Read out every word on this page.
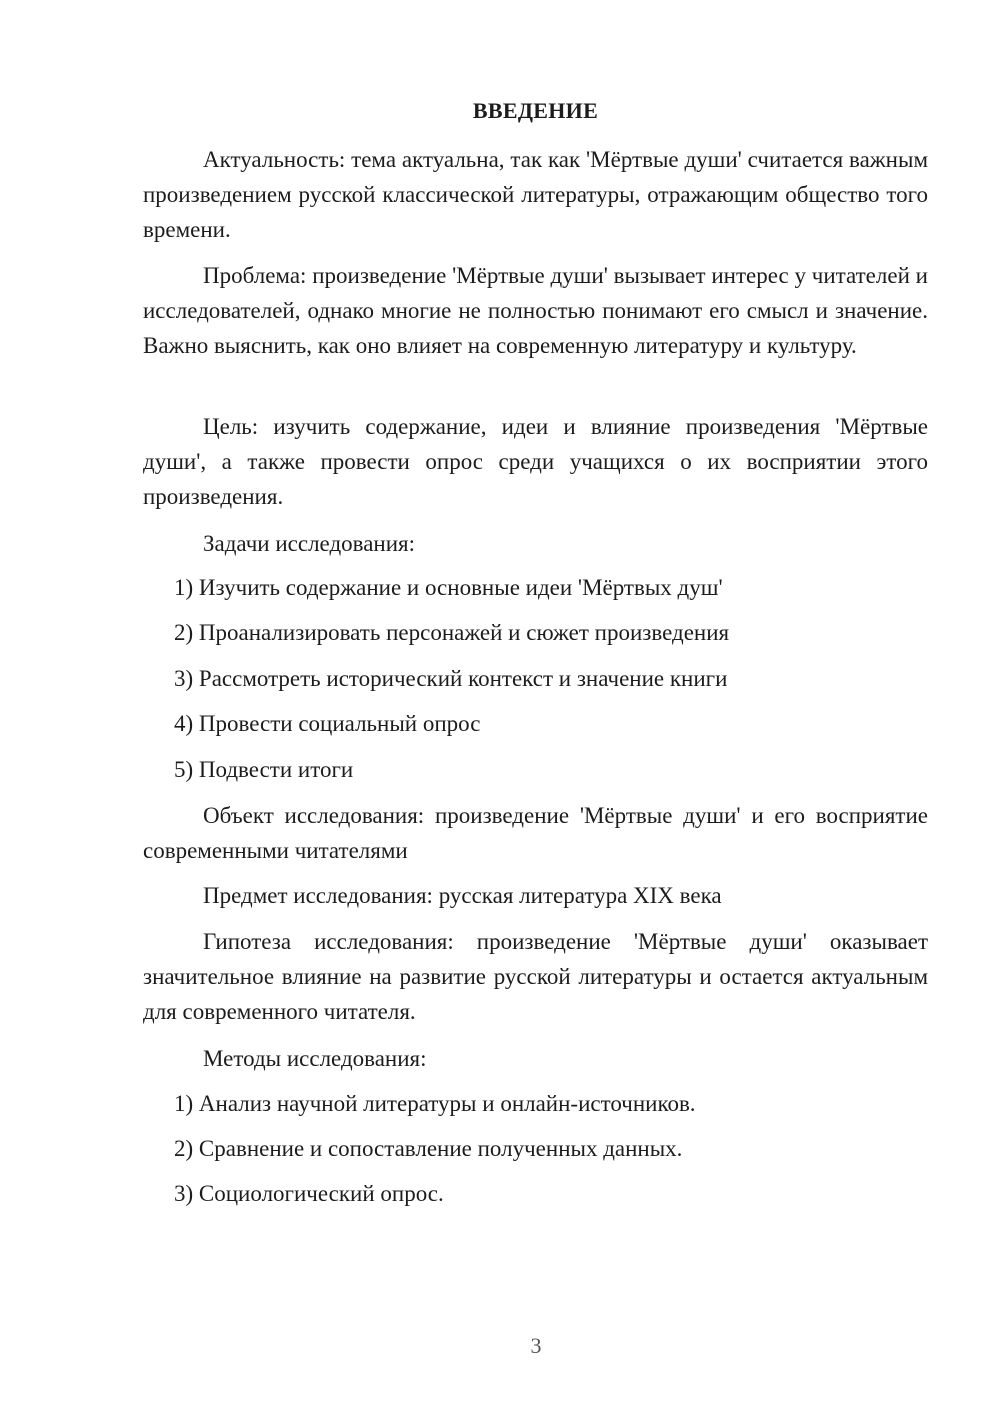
ВВЕДЕНИЕ

Актуальность: тема актуальна, так как 'Мёртвые души' считается важным произведением русской классической литературы, отражающим общество того времени.

Проблема: произведение 'Мёртвые души' вызывает интерес у читателей и исследователей, однако многие не полностью понимают его смысл и значение. Важно выяснить, как оно влияет на современную литературу и культуру.

Цель: изучить содержание, идеи и влияние произведения 'Мёртвые души', а также провести опрос среди учащихся о их восприятии этого произведения.

Задачи исследования:

1) Изучить содержание и основные идеи 'Мёртвых душ'

2) Проанализировать персонажей и сюжет произведения

3) Рассмотреть исторический контекст и значение книги

4) Провести социальный опрос

5) Подвести итоги

Объект исследования: произведение 'Мёртвые души' и его восприятие современными читателями

Предмет исследования: русская литература XIX века

Гипотеза исследования: произведение 'Мёртвые души' оказывает значительное влияние на развитие русской литературы и остается актуальным для современного читателя.

Методы исследования:

1) Анализ научной литературы и онлайн-источников.

2) Сравнение и сопоставление полученных данных.

3) Социологический опрос.

3
